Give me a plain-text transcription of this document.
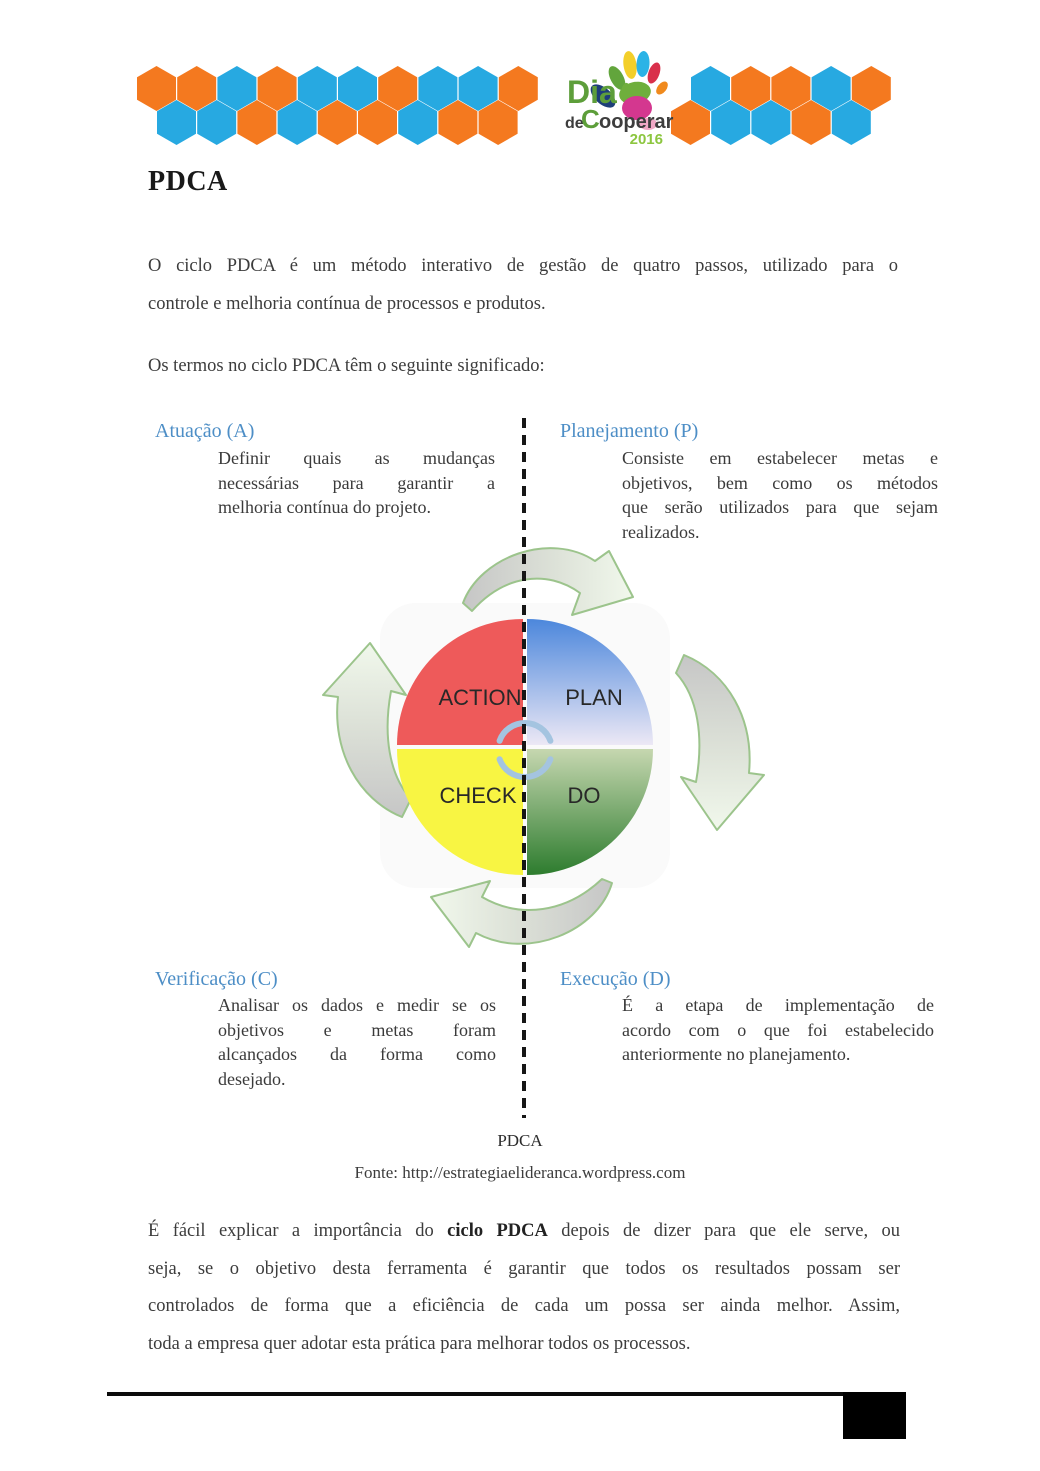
Dia
de
C ooperar
2016
PDCA
O ciclo PDCA é um método interativo de gestão de quatro passos, utilizado para o
controle e melhoria contínua de processos e produtos.
Os termos no ciclo PDCA têm o seguinte significado:
Atuação (A)
Definir quais as mudanças
necessárias para garantir a
melhoria contínua do projeto.
Planejamento (P)
Consiste em estabelecer metas e
objetivos, bem como os métodos
que serão utilizados para que sejam
realizados.
Verificação (C)
Analisar os dados e medir se os
objetivos e metas foram
alcançados da forma como
desejado.
Execução (D)
É a etapa de implementação de
acordo com o que foi estabelecido
anteriormente no planejamento.
ACTION PLAN
CHECK DO
PDCA
Fonte: http://estrategiaelideranca.wordpress.com
É fácil explicar a importância do ciclo PDCA depois de dizer para que ele serve, ou
seja, se o objetivo desta ferramenta é garantir que todos os resultados possam ser
controlados de forma que a eficiência de cada um possa ser ainda melhor. Assim,
toda a empresa quer adotar esta prática para melhorar todos os processos.
